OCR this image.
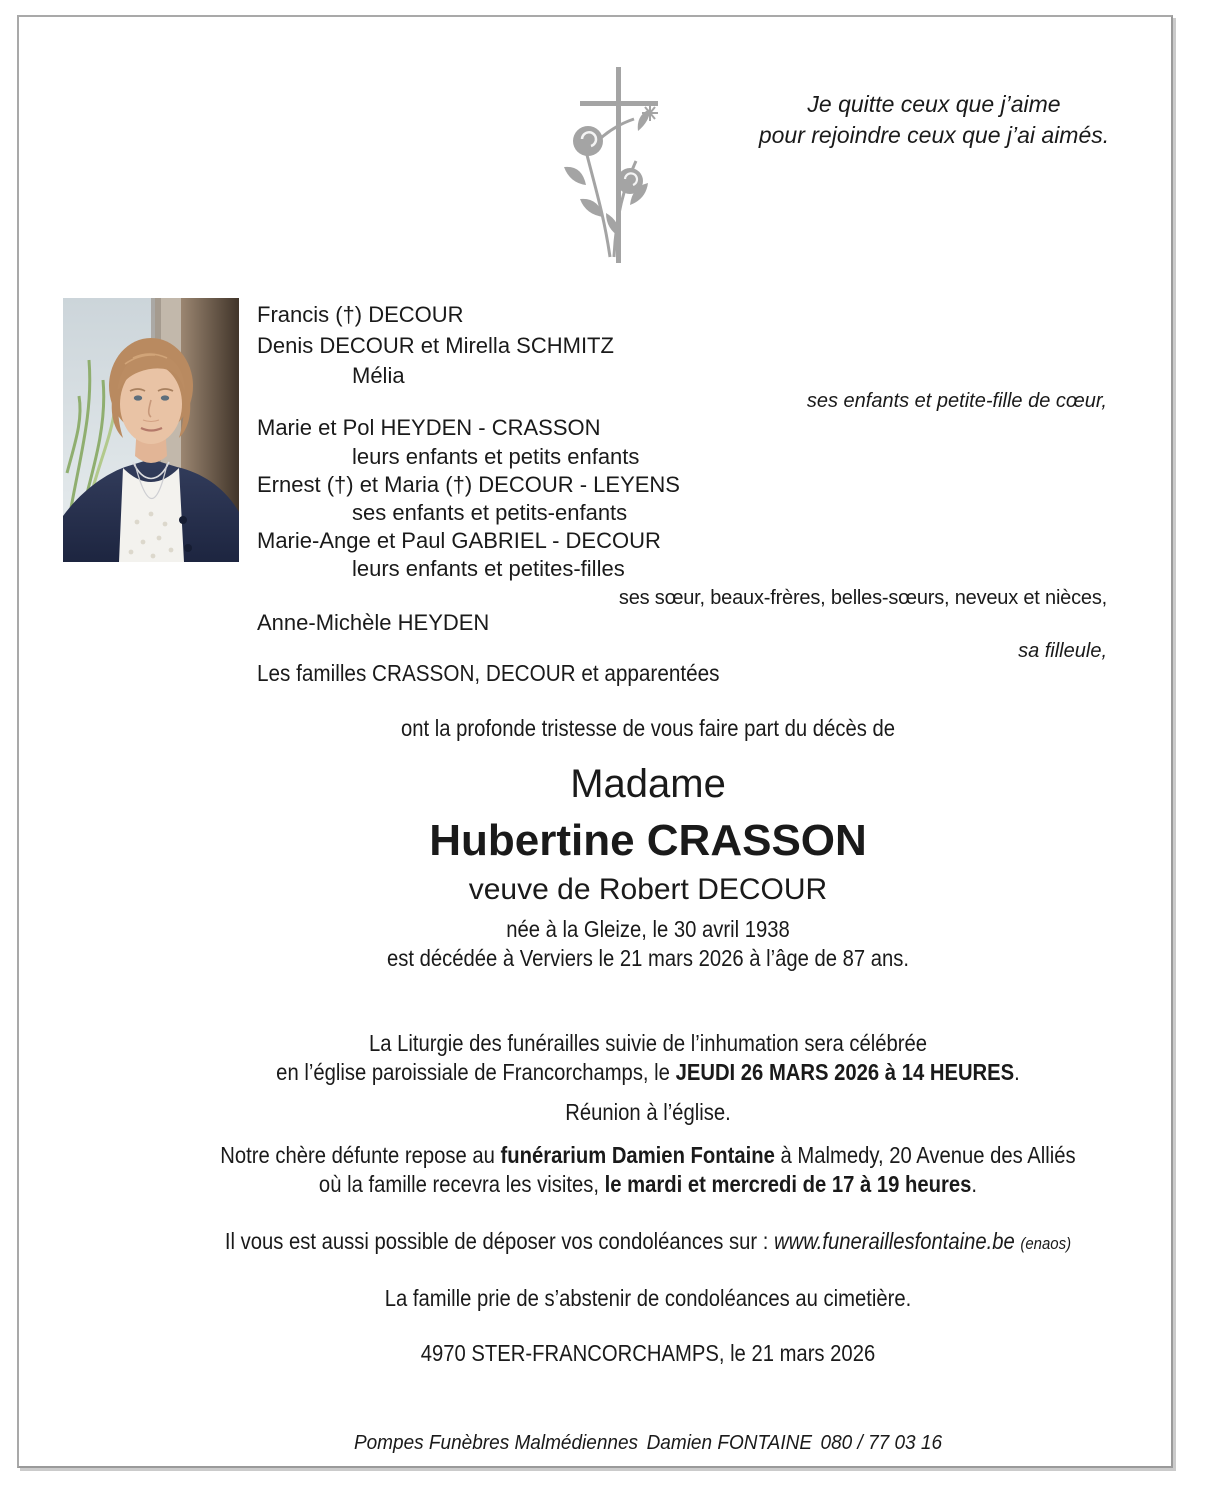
Je quitte ceux que j’aime
pour rejoindre ceux que j’ai aimés.
Francis (†) DECOUR
Denis DECOUR et Mirella SCHMITZ
Mélia
ses enfants et petite-fille de cœur,
Marie et Pol HEYDEN - CRASSON
leurs enfants et petits enfants
Ernest (†) et Maria (†) DECOUR - LEYENS
ses enfants et petits-enfants
Marie-Ange et Paul GABRIEL - DECOUR
leurs enfants et petites-filles
ses sœur, beaux-frères, belles-sœurs, neveux et nièces,
Anne-Michèle HEYDEN
sa filleule,
Les familles CRASSON, DECOUR et apparentées
ont la profonde tristesse de vous faire part du décès de
Madame
Hubertine CRASSON
veuve de Robert DECOUR
née à la Gleize, le 30 avril 1938
est décédée à Verviers le 21 mars 2026 à l’âge de 87 ans.
La Liturgie des funérailles suivie de l’inhumation sera célébrée
en l’église paroissiale de Francorchamps, le JEUDI 26 MARS 2026 à 14 HEURES.
Réunion à l’église.
Notre chère défunte repose au funérarium Damien Fontaine à Malmedy, 20 Avenue des Alliés
où la famille recevra les visites, le mardi et mercredi de 17 à 19 heures.
Il vous est aussi possible de déposer vos condoléances sur : www.funeraillesfontaine.be (enaos)
La famille prie de s’abstenir de condoléances au cimetière.
4970 STER-FRANCORCHAMPS, le 21 mars 2026
Pompes Funèbres Malmédiennes Damien FONTAINE 080 / 77 03 16
